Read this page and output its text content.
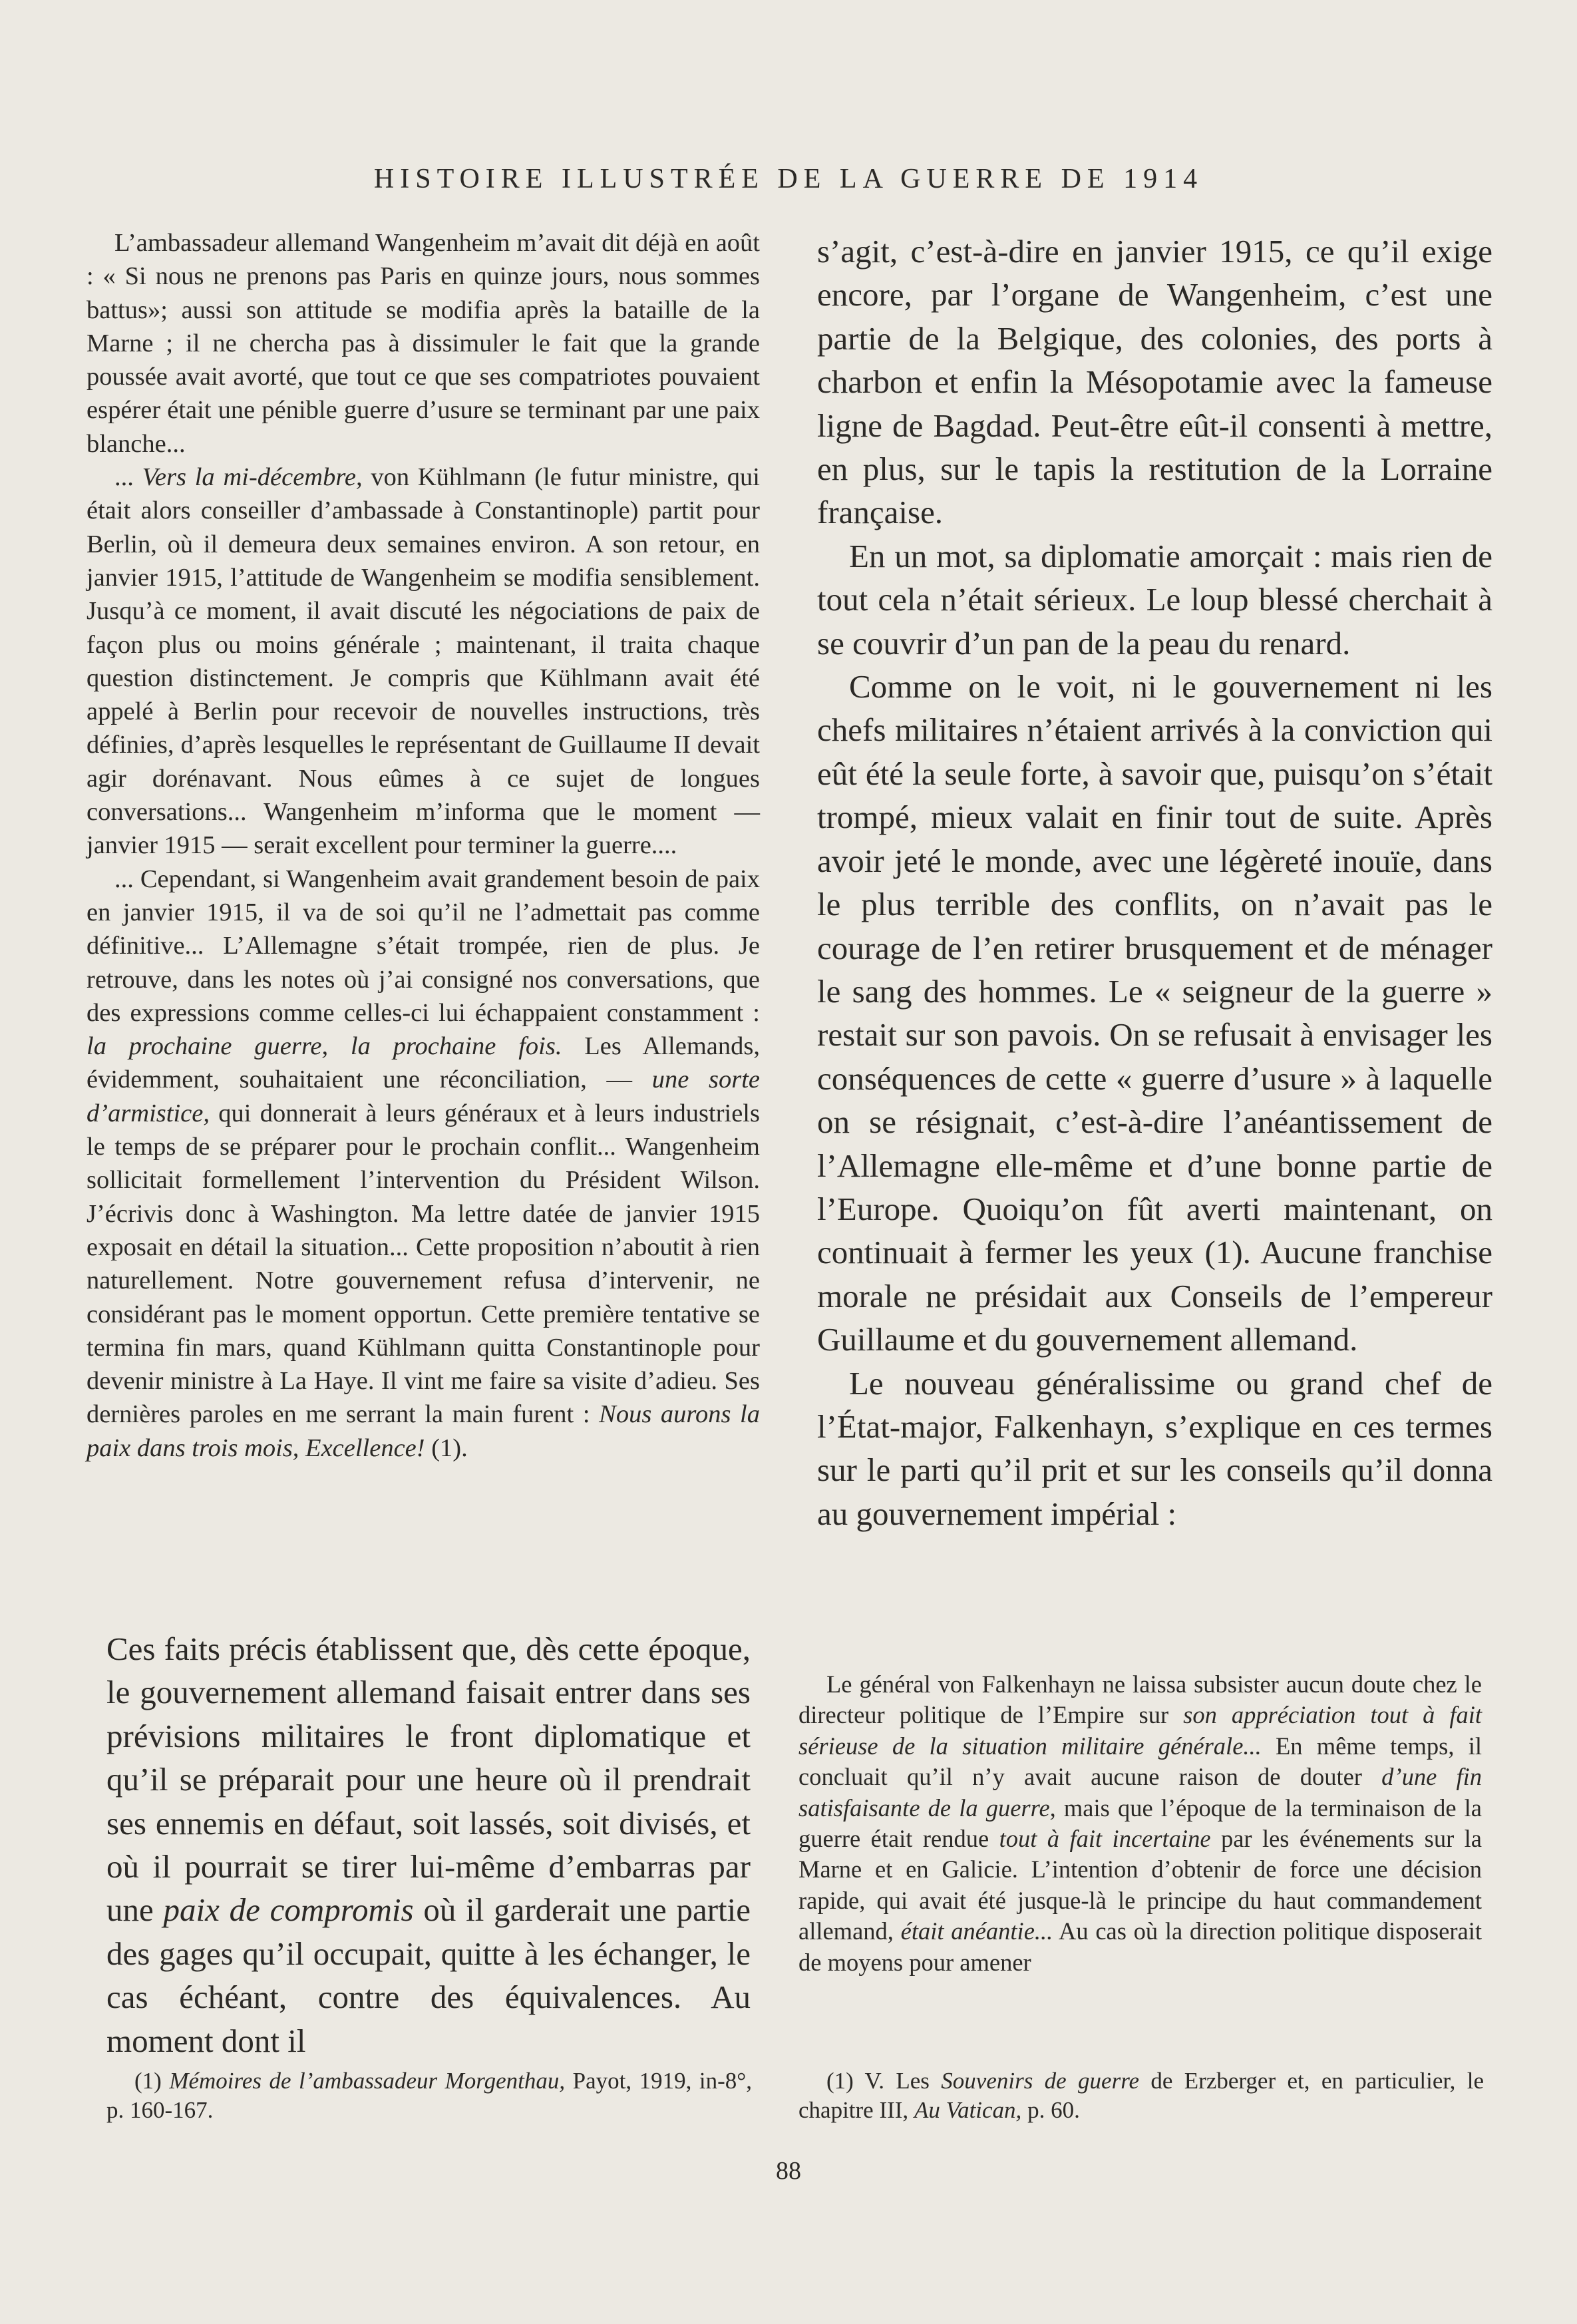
HISTOIRE ILLUSTRÉE DE LA GUERRE DE 1914

L’ambassadeur allemand Wangenheim m’avait dit déjà en août : « Si nous ne prenons pas Paris en quinze jours, nous sommes battus»; aussi son attitude se modifia après la bataille de la Marne ; il ne chercha pas à dissimuler le fait que la grande poussée avait avorté, que tout ce que ses compatriotes pouvaient espérer était une pénible guerre d’usure se terminant par une paix blanche...

... Vers la mi-décembre, von Kühlmann (le futur ministre, qui était alors conseiller d’ambassade à Constantinople) partit pour Berlin, où il demeura deux semaines environ. A son retour, en janvier 1915, l’attitude de Wangenheim se modifia sensiblement. Jusqu’à ce moment, il avait discuté les négociations de paix de façon plus ou moins générale ; maintenant, il traita chaque question distinctement. Je compris que Kühlmann avait été appelé à Berlin pour recevoir de nouvelles instructions, très définies, d’après lesquelles le représentant de Guillaume II devait agir dorénavant. Nous eûmes à ce sujet de longues conversations... Wangenheim m’informa que le moment — janvier 1915 — serait excellent pour terminer la guerre....

... Cependant, si Wangenheim avait grandement besoin de paix en janvier 1915, il va de soi qu’il ne l’admettait pas comme définitive... L’Allemagne s’était trompée, rien de plus. Je retrouve, dans les notes où j’ai consigné nos conversations, que des expressions comme celles-ci lui échappaient constamment : la prochaine guerre, la prochaine fois. Les Allemands, évidemment, souhaitaient une réconciliation, — une sorte d’armistice, qui donnerait à leurs généraux et à leurs industriels le temps de se préparer pour le prochain conflit... Wangenheim sollicitait formellement l’intervention du Président Wilson. J’écrivis donc à Washington. Ma lettre datée de janvier 1915 exposait en détail la situation... Cette proposition n’aboutit à rien naturellement. Notre gouvernement refusa d’intervenir, ne considérant pas le moment opportun. Cette première tentative se termina fin mars, quand Kühlmann quitta Constantinople pour devenir ministre à La Haye. Il vint me faire sa visite d’adieu. Ses dernières paroles en me serrant la main furent : Nous aurons la paix dans trois mois, Excellence! (1).

Ces faits précis établissent que, dès cette époque, le gouvernement allemand faisait entrer dans ses prévisions militaires le front diplomatique et qu’il se préparait pour une heure où il prendrait ses ennemis en défaut, soit lassés, soit divisés, et où il pourrait se tirer lui-même d’embarras par une paix de compromis où il garderait une partie des gages qu’il occupait, quitte à les échanger, le cas échéant, contre des équivalences. Au moment dont il

(1) Mémoires de l’ambassadeur Morgenthau, Payot, 1919, in-8°, p. 160-167.

s’agit, c’est-à-dire en janvier 1915, ce qu’il exige encore, par l’organe de Wangenheim, c’est une partie de la Belgique, des colonies, des ports à charbon et enfin la Mésopotamie avec la fameuse ligne de Bagdad. Peut-être eût-il consenti à mettre, en plus, sur le tapis la restitution de la Lorraine française.

En un mot, sa diplomatie amorçait : mais rien de tout cela n’était sérieux. Le loup blessé cherchait à se couvrir d’un pan de la peau du renard.

Comme on le voit, ni le gouvernement ni les chefs militaires n’étaient arrivés à la conviction qui eût été la seule forte, à savoir que, puisqu’on s’était trompé, mieux valait en finir tout de suite. Après avoir jeté le monde, avec une légèreté inouïe, dans le plus terrible des conflits, on n’avait pas le courage de l’en retirer brusquement et de ménager le sang des hommes. Le « seigneur de la guerre » restait sur son pavois. On se refusait à envisager les conséquences de cette « guerre d’usure » à laquelle on se résignait, c’est-à-dire l’anéantissement de l’Allemagne elle-même et d’une bonne partie de l’Europe. Quoiqu’on fût averti maintenant, on continuait à fermer les yeux (1). Aucune franchise morale ne présidait aux Conseils de l’empereur Guillaume et du gouvernement allemand.

Le nouveau généralissime ou grand chef de l’État-major, Falkenhayn, s’explique en ces termes sur le parti qu’il prit et sur les conseils qu’il donna au gouvernement impérial :

Le général von Falkenhayn ne laissa subsister aucun doute chez le directeur politique de l’Empire sur son appréciation tout à fait sérieuse de la situation militaire générale... En même temps, il concluait qu’il n’y avait aucune raison de douter d’une fin satisfaisante de la guerre, mais que l’époque de la terminaison de la guerre était rendue tout à fait incertaine par les événements sur la Marne et en Galicie. L’intention d’obtenir de force une décision rapide, qui avait été jusque-là le principe du haut commandement allemand, était anéantie... Au cas où la direction politique disposerait de moyens pour amener

(1) V. Les Souvenirs de guerre de Erzberger et, en particulier, le chapitre III, Au Vatican, p. 60.

88
